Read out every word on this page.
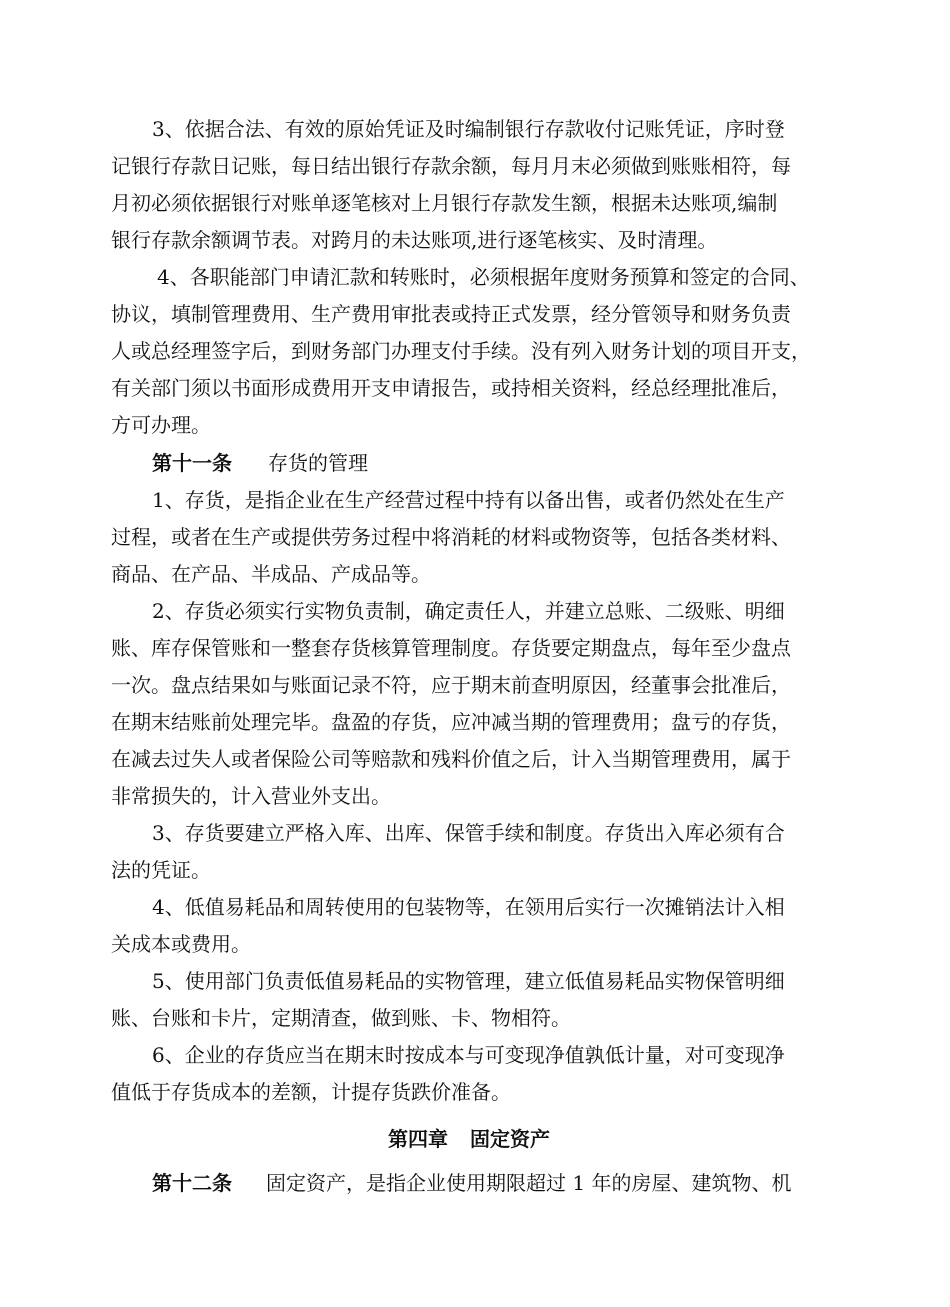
3、依据合法、有效的原始凭证及时编制银行存款收付记账凭证，序时登
记银行存款日记账，每日结出银行存款余额，每月月末必须做到账账相符，每
月初必须依据银行对账单逐笔核对上月银行存款发生额，根据未达账项,编制
银行存款余额调节表。对跨月的未达账项,进行逐笔核实、及时清理。
4、各职能部门申请汇款和转账时，必须根据年度财务预算和签定的合同、
协议，填制管理费用、生产费用审批表或持正式发票，经分管领导和财务负责
人或总经理签字后，到财务部门办理支付手续。没有列入财务计划的项目开支，
有关部门须以书面形成费用开支申请报告，或持相关资料，经总经理批准后，
方可办理。
第十一条 存货的管理
1、存货，是指企业在生产经营过程中持有以备出售，或者仍然处在生产
过程，或者在生产或提供劳务过程中将消耗的材料或物资等，包括各类材料、
商品、在产品、半成品、产成品等。
2、存货必须实行实物负责制，确定责任人，并建立总账、二级账、明细
账、库存保管账和一整套存货核算管理制度。存货要定期盘点，每年至少盘点
一次。盘点结果如与账面记录不符，应于期末前查明原因，经董事会批准后，
在期末结账前处理完毕。盘盈的存货，应冲减当期的管理费用；盘亏的存货，
在减去过失人或者保险公司等赔款和残料价值之后，计入当期管理费用，属于
非常损失的，计入营业外支出。
3、存货要建立严格入库、出库、保管手续和制度。存货出入库必须有合
法的凭证。
4、低值易耗品和周转使用的包装物等，在领用后实行一次摊销法计入相
关成本或费用。
5、使用部门负责低值易耗品的实物管理，建立低值易耗品实物保管明细
账、台账和卡片，定期清查，做到账、卡、物相符。
6、企业的存货应当在期末时按成本与可变现净值孰低计量，对可变现净
值低于存货成本的差额，计提存货跌价准备。
第四章 固定资产
第十二条 固定资产，是指企业使用期限超过 1 年的房屋、建筑物、机
